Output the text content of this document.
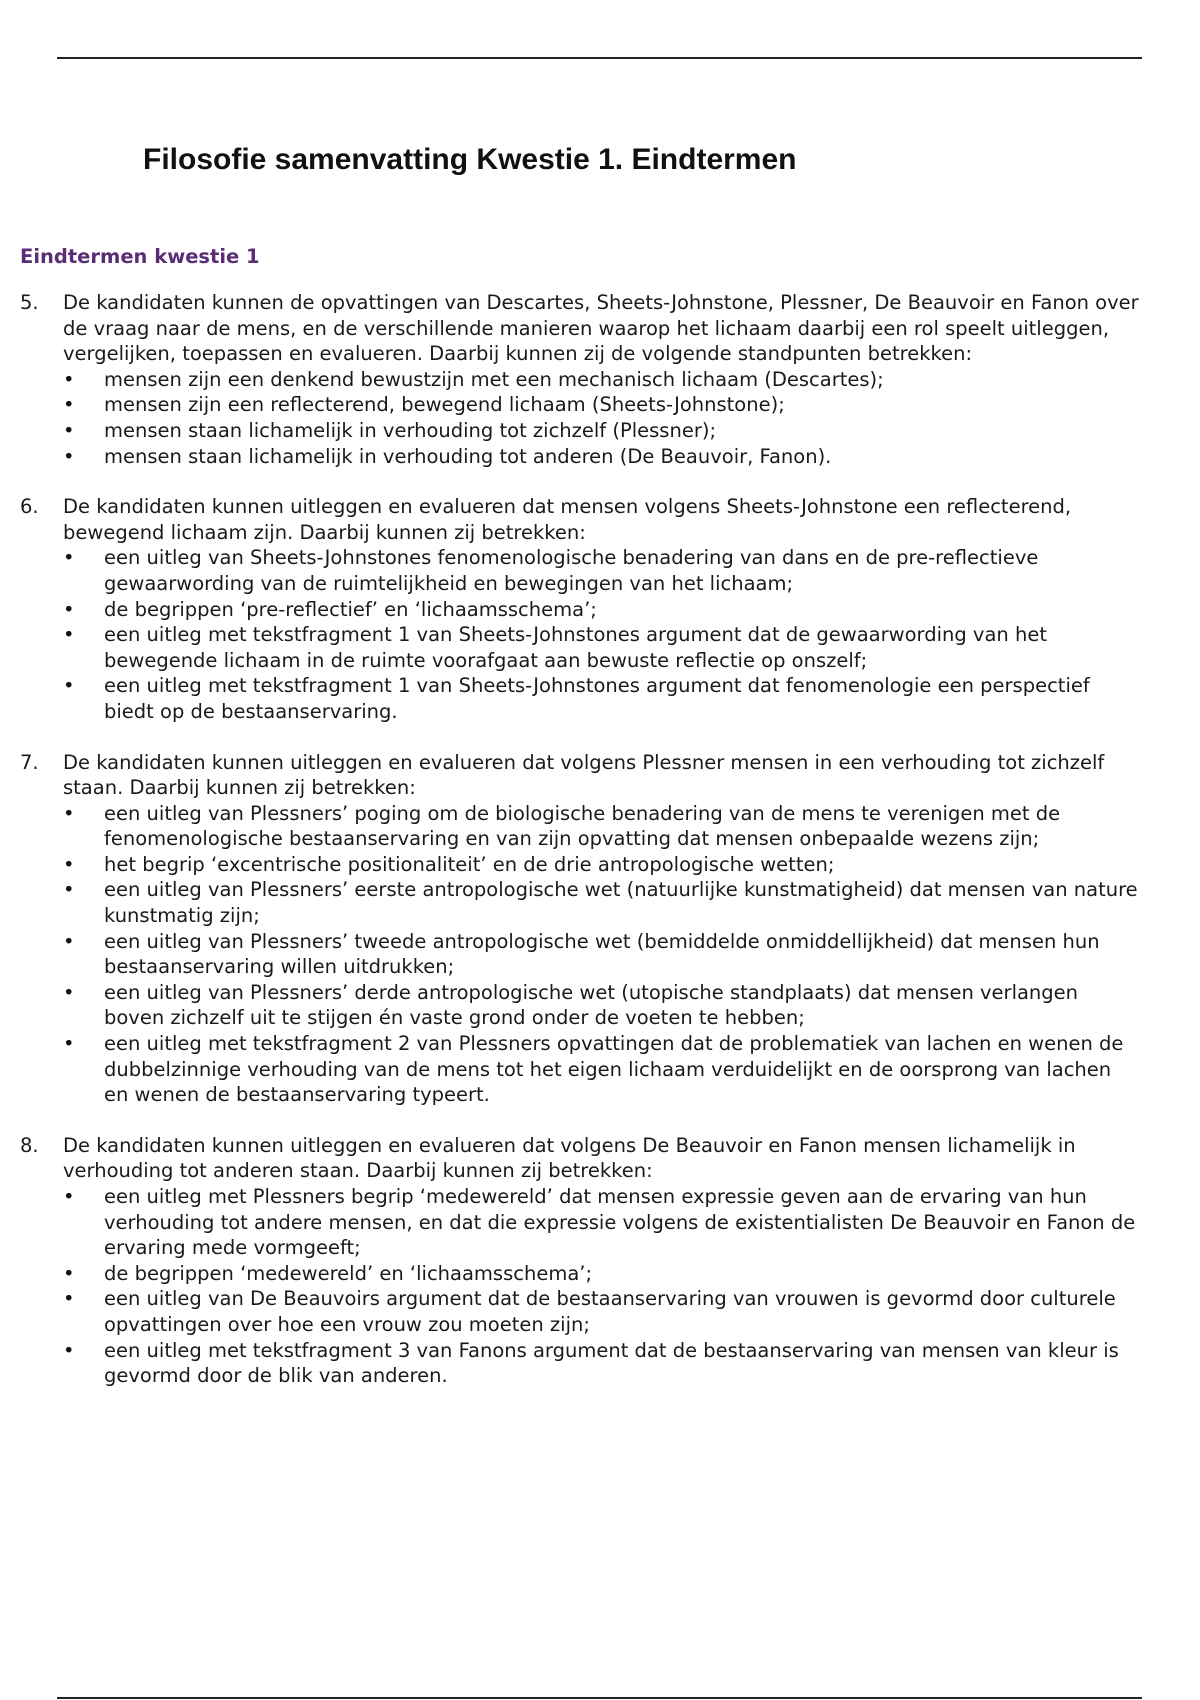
Filosofie samenvatting Kwestie 1. Eindtermen
Eindtermen kwestie 1
5.	De kandidaten kunnen de opvattingen van Descartes, Sheets-Johnstone, Plessner, De Beauvoir en Fanon over de vraag naar de mens, en de verschillende manieren waarop het lichaam daarbij een rol speelt uitleggen, vergelijken, toepassen en evalueren. Daarbij kunnen zij de volgende standpunten betrekken:

• mensen zijn een denkend bewustzijn met een mechanisch lichaam (Descartes);
• mensen zijn een reflecterend, bewegend lichaam (Sheets-Johnstone);
• mensen staan lichamelijk in verhouding tot zichzelf (Plessner);
• mensen staan lichamelijk in verhouding tot anderen (De Beauvoir, Fanon).
6.	De kandidaten kunnen uitleggen en evalueren dat mensen volgens Sheets-Johnstone een reflecterend, bewegend lichaam zijn. Daarbij kunnen zij betrekken:

• een uitleg van Sheets-Johnstones fenomenologische benadering van dans en de pre-reflectieve gewaarwording van de ruimtelijkheid en bewegingen van het lichaam;
• de begrippen ‘pre-reflectief’ en ‘lichaamsschema’;
• een uitleg met tekstfragment 1 van Sheets-Johnstones argument dat de gewaarwording van het bewegende lichaam in de ruimte voorafgaat aan bewuste reflectie op onszelf;
• een uitleg met tekstfragment 1 van Sheets-Johnstones argument dat fenomenologie een perspectief biedt op de bestaanservaring.
7.	De kandidaten kunnen uitleggen en evalueren dat volgens Plessner mensen in een verhouding tot zichzelf staan. Daarbij kunnen zij betrekken:

• een uitleg van Plessners’ poging om de biologische benadering van de mens te verenigen met de fenomenologische bestaanservaring en van zijn opvatting dat mensen onbepaalde wezens zijn;
• het begrip ‘excentrische positionaliteit’ en de drie antropologische wetten;
• een uitleg van Plessners’ eerste antropologische wet (natuurlijke kunstmatigheid) dat mensen van nature kunstmatig zijn;
• een uitleg van Plessners’ tweede antropologische wet (bemiddelde onmiddellijkheid) dat mensen hun bestaanservaring willen uitdrukken;
• een uitleg van Plessners’ derde antropologische wet (utopische standplaats) dat mensen verlangen boven zichzelf uit te stijgen én vaste grond onder de voeten te hebben;
• een uitleg met tekstfragment 2 van Plessners opvattingen dat de problematiek van lachen en wenen de dubbelzinnige verhouding van de mens tot het eigen lichaam verduidelijkt en de oorsprong van lachen en wenen de bestaanservaring typeert.
8.	De kandidaten kunnen uitleggen en evalueren dat volgens De Beauvoir en Fanon mensen lichamelijk in verhouding tot anderen staan. Daarbij kunnen zij betrekken:

• een uitleg met Plessners begrip ‘medewereld’ dat mensen expressie geven aan de ervaring van hun verhouding tot andere mensen, en dat die expressie volgens de existentialisten De Beauvoir en Fanon de ervaring mede vormgeeft;
• de begrippen ‘medewereld’ en ‘lichaamsschema’;
• een uitleg van De Beauvoirs argument dat de bestaanservaring van vrouwen is gevormd door culturele opvattingen over hoe een vrouw zou moeten zijn;
• een uitleg met tekstfragment 3 van Fanons argument dat de bestaanservaring van mensen van kleur is gevormd door de blik van anderen.
